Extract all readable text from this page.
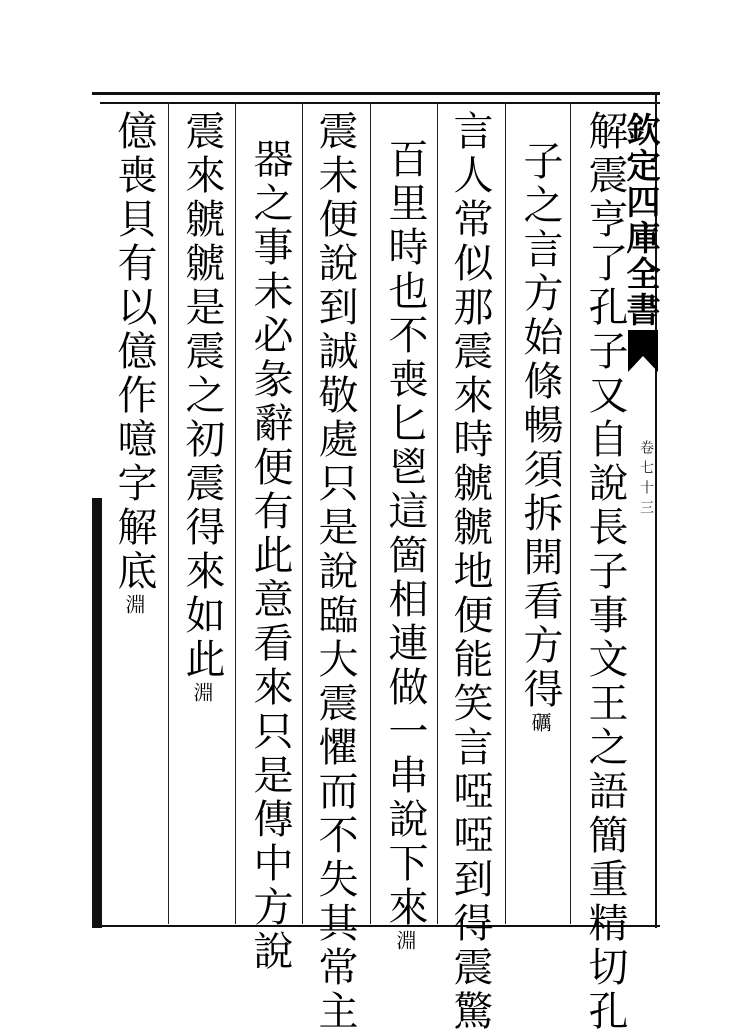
欽定四庫全書
卷七十三
解震亨了孔子又自說長子事文王之語簡重精切孔
子之言方始條暢須拆開看方得礪
言人常似那震來時虩虩地便能笑言啞啞到得震驚
百里時也不喪匕鬯這箇相連做一串說下來淵
震未便說到誠敬處只是說臨大震懼而不失其常主
器之事未必彖辭便有此意看來只是傳中方說
震來虩虩是震之初震得來如此淵
億喪貝有以億作噫字解底淵
